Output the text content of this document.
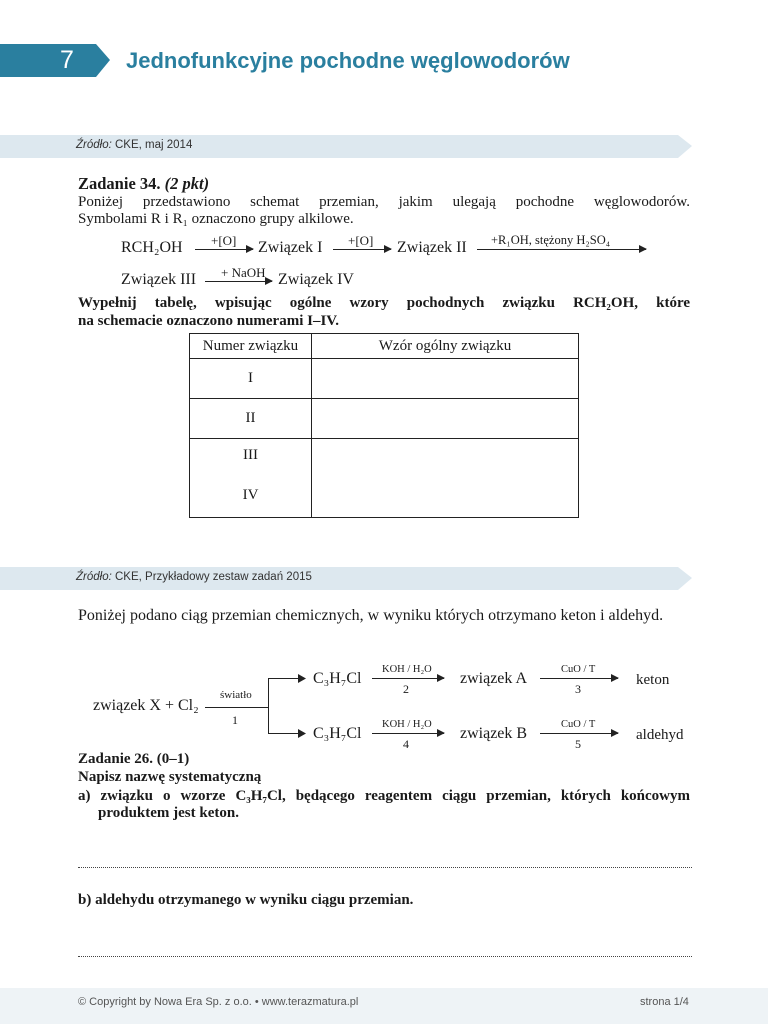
7	Jednofunkcyjne pochodne węglowodorów
Źródło: CKE, maj 2014
Zadanie 34. (2 pkt)
Poniżej przedstawiono schemat przemian, jakim ulegają pochodne węglowodorów.
Symbolami R i R₁ oznaczono grupy alkilowe.
RCH₂OH +[O] Związek I +[O] Związek II +R₁OH, stężony H₂SO₄
Związek III + NaOH Związek IV
Wypełnij tabelę, wpisując ogólne wzory pochodnych związku RCH₂OH, które
na schemacie oznaczono numerami I–IV.
Numer związku	Wzór ogólny związku
I	
II	

III
IV	

Źródło: CKE, Przykładowy zestaw zadań 2015
Poniżej podano ciąg przemian chemicznych, w wyniku których otrzymano keton i aldehyd.
związek X + Cl₂
światło
1
C₃H₇Cl
KOH / H₂O
2
związek A
CuO / T
3
keton
C₃H₇Cl
KOH / H₂O
4
związek B
CuO / T
5
aldehyd
Zadanie 26. (0–1)
Napisz nazwę systematyczną
a) związku o wzorze C₃H₇Cl, będącego reagentem ciągu przemian, których końcowym
produktem jest keton.
b) aldehydu otrzymanego w wyniku ciągu przemian.
© Copyright by Nowa Era Sp. z o.o. • www.terazmatura.pl	strona 1/4
